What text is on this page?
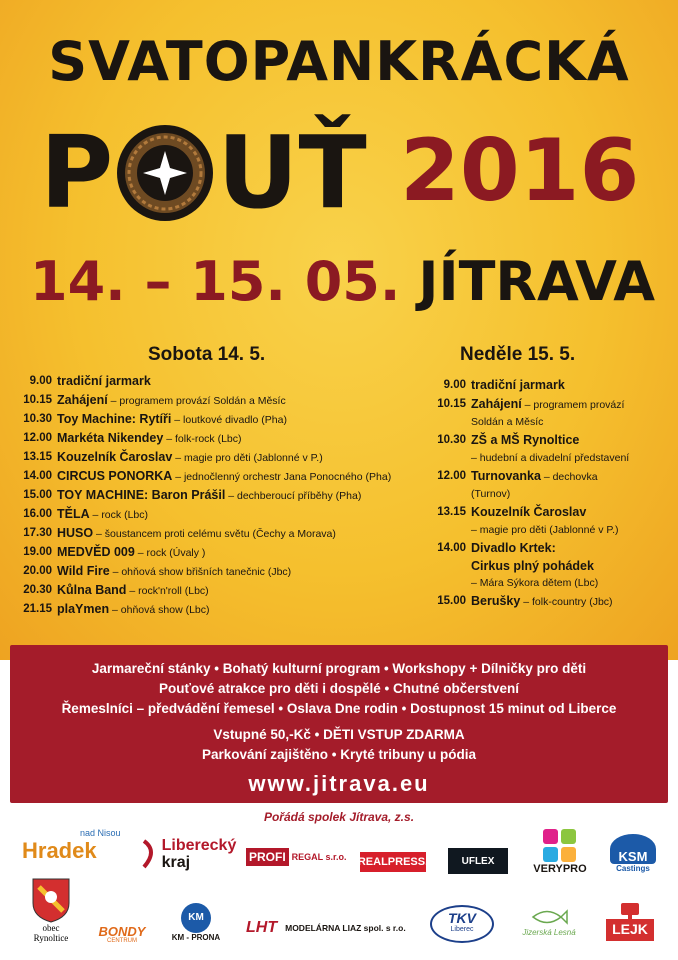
SVATOPANKRÁCKÁ
P UŤ 2016
14. – 15. 05. JÍTRAVA
Sobota 14. 5.
9.00 tradiční jarmark
10.15 Zahájení – programem provází Soldán a Měsíc
10.30 Toy Machine: Rytíři – loutkové divadlo (Pha)
12.00 Markéta Nikendey – folk-rock (Lbc)
13.15 Kouzelník Čaroslav – magie pro děti (Jablonné v P.)
14.00 CIRCUS PONORKA – jednočlenný orchestr Jana Ponocného (Pha)
15.00 TOY MACHINE: Baron Prášil – dechberoucí příběhy (Pha)
16.00 TĚLA – rock (Lbc)
17.30 HUSO – šoustancem proti celému světu (Čechy a Morava)
19.00 MEDVĚD 009 – rock (Úvaly )
20.00 Wild Fire – ohňová show břišních tanečnic (Jbc)
20.30 Kůlna Band – rock'n'roll (Lbc)
21.15 plaYmen – ohňová show (Lbc)
Neděle 15. 5.
9.00 tradiční jarmark
10.15 Zahájení – programem provází
Soldán a Měsíc
10.30 ZŠ a MŠ Rynoltice
– hudební a divadelní představení
12.00 Turnovanka – dechovka
(Turnov)
13.15 Kouzelník Čaroslav
– magie pro děti (Jablonné v P.)
14.00 Divadlo Krtek:
Cirkus plný pohádek
– Mára Sýkora dětem (Lbc)
15.00 Berušky – folk-country (Jbc)
Jarmareční stánky • Bohatý kulturní program • Workshopy + Dílničky pro děti
Pouťové atrakce pro děti i dospělé • Chutné občerstvení
Řemeslníci – předvádění řemesel • Oslava Dne rodin • Dostupnost 15 minut od Liberce
Vstupné 50,-Kč • DĚTI VSTUP ZDARMA
Parkování zajištěno • Kryté tribuny u pódia
www.jitrava.eu
Pořádá spolek Jítrava, z.s.
nad Nisou
Hradek	Liberecký
kraj	PROFI REGAL s.r.o. REALPRESS.	UFLEX
VERYPRO
KSM
Castings
obec
Rynoltice BONDY
CENTRUM
KM
KM - PRONA
LHT MODELÁRNA LIAZ spol. s r.o.
TKV
Liberec	Jizerská Lesná	LEJK
